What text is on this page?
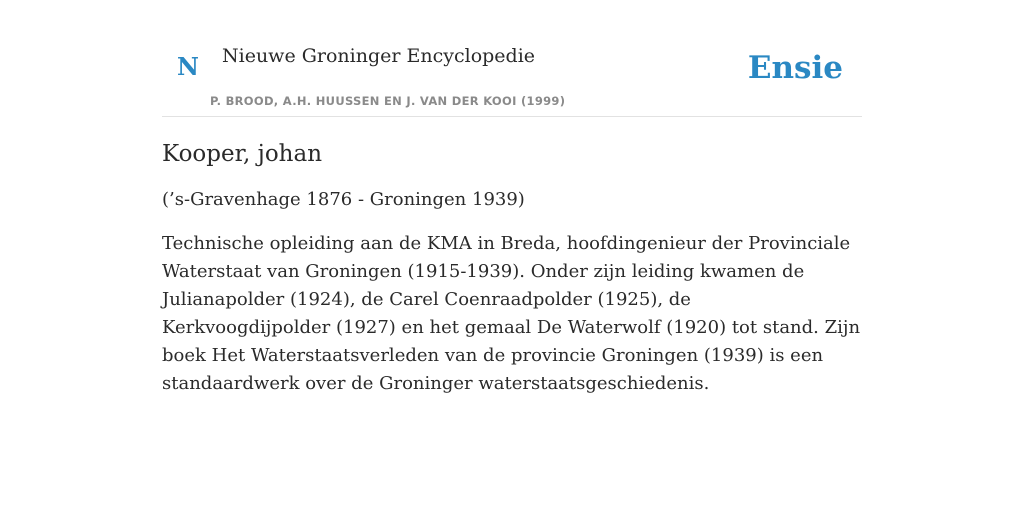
N Nieuwe Groninger Encyclopedie
P. BROOD, A.H. HUUSSEN EN J. VAN DER KOOI (1999)
Ensie
Kooper, johan

(’s-Gravenhage 1876 - Groningen 1939)

Technische opleiding aan de KMA in Breda, hoofdingenieur der Provinciale Waterstaat van Groningen (1915-1939). Onder zijn leiding kwamen de Julianapolder (1924), de Carel Coenraadpolder (1925), de Kerkvoogdijpolder (1927) en het gemaal De Waterwolf (1920) tot stand. Zijn boek Het Waterstaatsverleden van de provincie Groningen (1939) is een standaardwerk over de Groninger waterstaatsgeschiedenis.
